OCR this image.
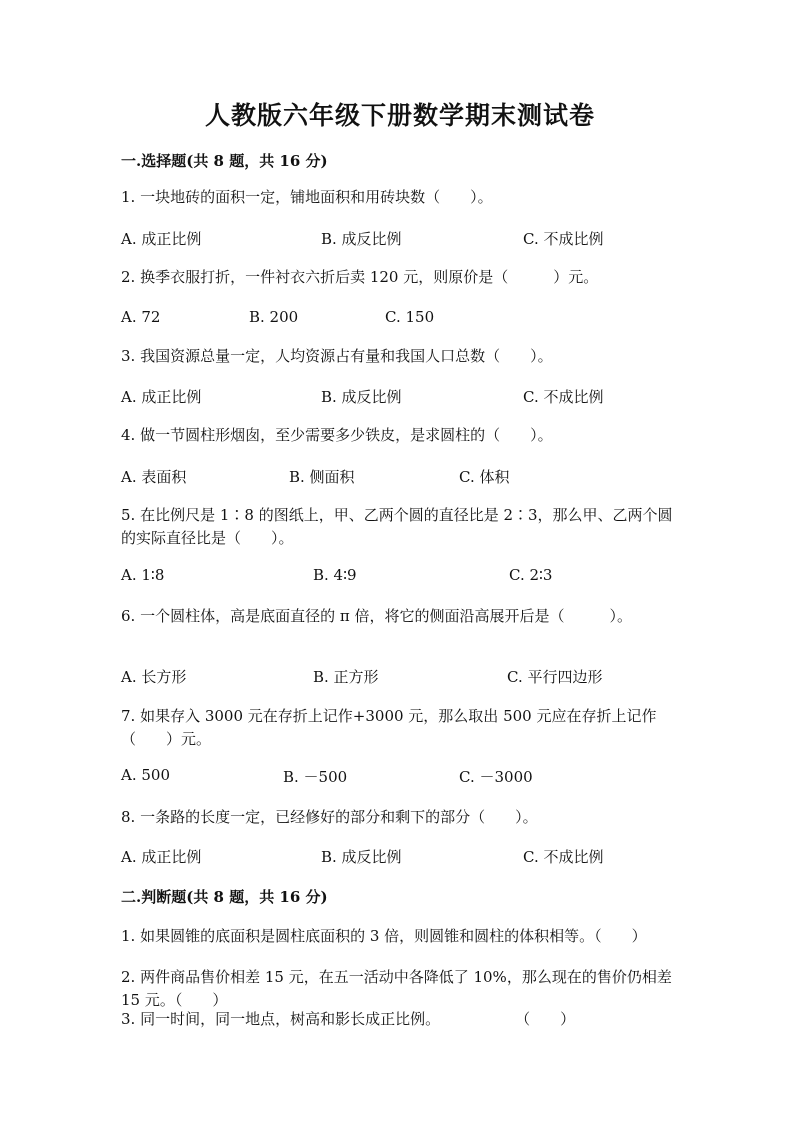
人教版六年级下册数学期末测试卷
一.选择题(共 8 题，共 16 分)
1. 一块地砖的面积一定，铺地面积和用砖块数（　　）。
A. 成正比例	B. 成反比例	C. 不成比例
2. 换季衣服打折，一件衬衣六折后卖 120 元，则原价是（　　　）元。
A. 72	B. 200	C. 150
3. 我国资源总量一定，人均资源占有量和我国人口总数（　　）。
A. 成正比例	B. 成反比例	C. 不成比例
4. 做一节圆柱形烟囱，至少需要多少铁皮，是求圆柱的（　　）。
A. 表面积	B. 侧面积	C. 体积
5. 在比例尺是 1∶8 的图纸上，甲、乙两个圆的直径比是 2∶3，那么甲、乙两个圆的实际直径比是（　　）。
A. 1∶8	B. 4∶9	C. 2∶3
6. 一个圆柱体，高是底面直径的 π 倍，将它的侧面沿高展开后是（　　　）。
A. 长方形	B. 正方形	C. 平行四边形
7. 如果存入 3000 元在存折上记作+3000 元，那么取出 500 元应在存折上记作（　　）元。
A. 500	B. －500	C. －3000
8. 一条路的长度一定，已经修好的部分和剩下的部分（　　）。
A. 成正比例	B. 成反比例	C. 不成比例
二.判断题(共 8 题，共 16 分)
1. 如果圆锥的底面积是圆柱底面积的 3 倍，则圆锥和圆柱的体积相等。（　　）
2. 两件商品售价相差 15 元，在五一活动中各降低了 10%，那么现在的售价仍相差 15 元。（　　）
3. 同一时间，同一地点，树高和影长成正比例。　　　　　　（　　）
